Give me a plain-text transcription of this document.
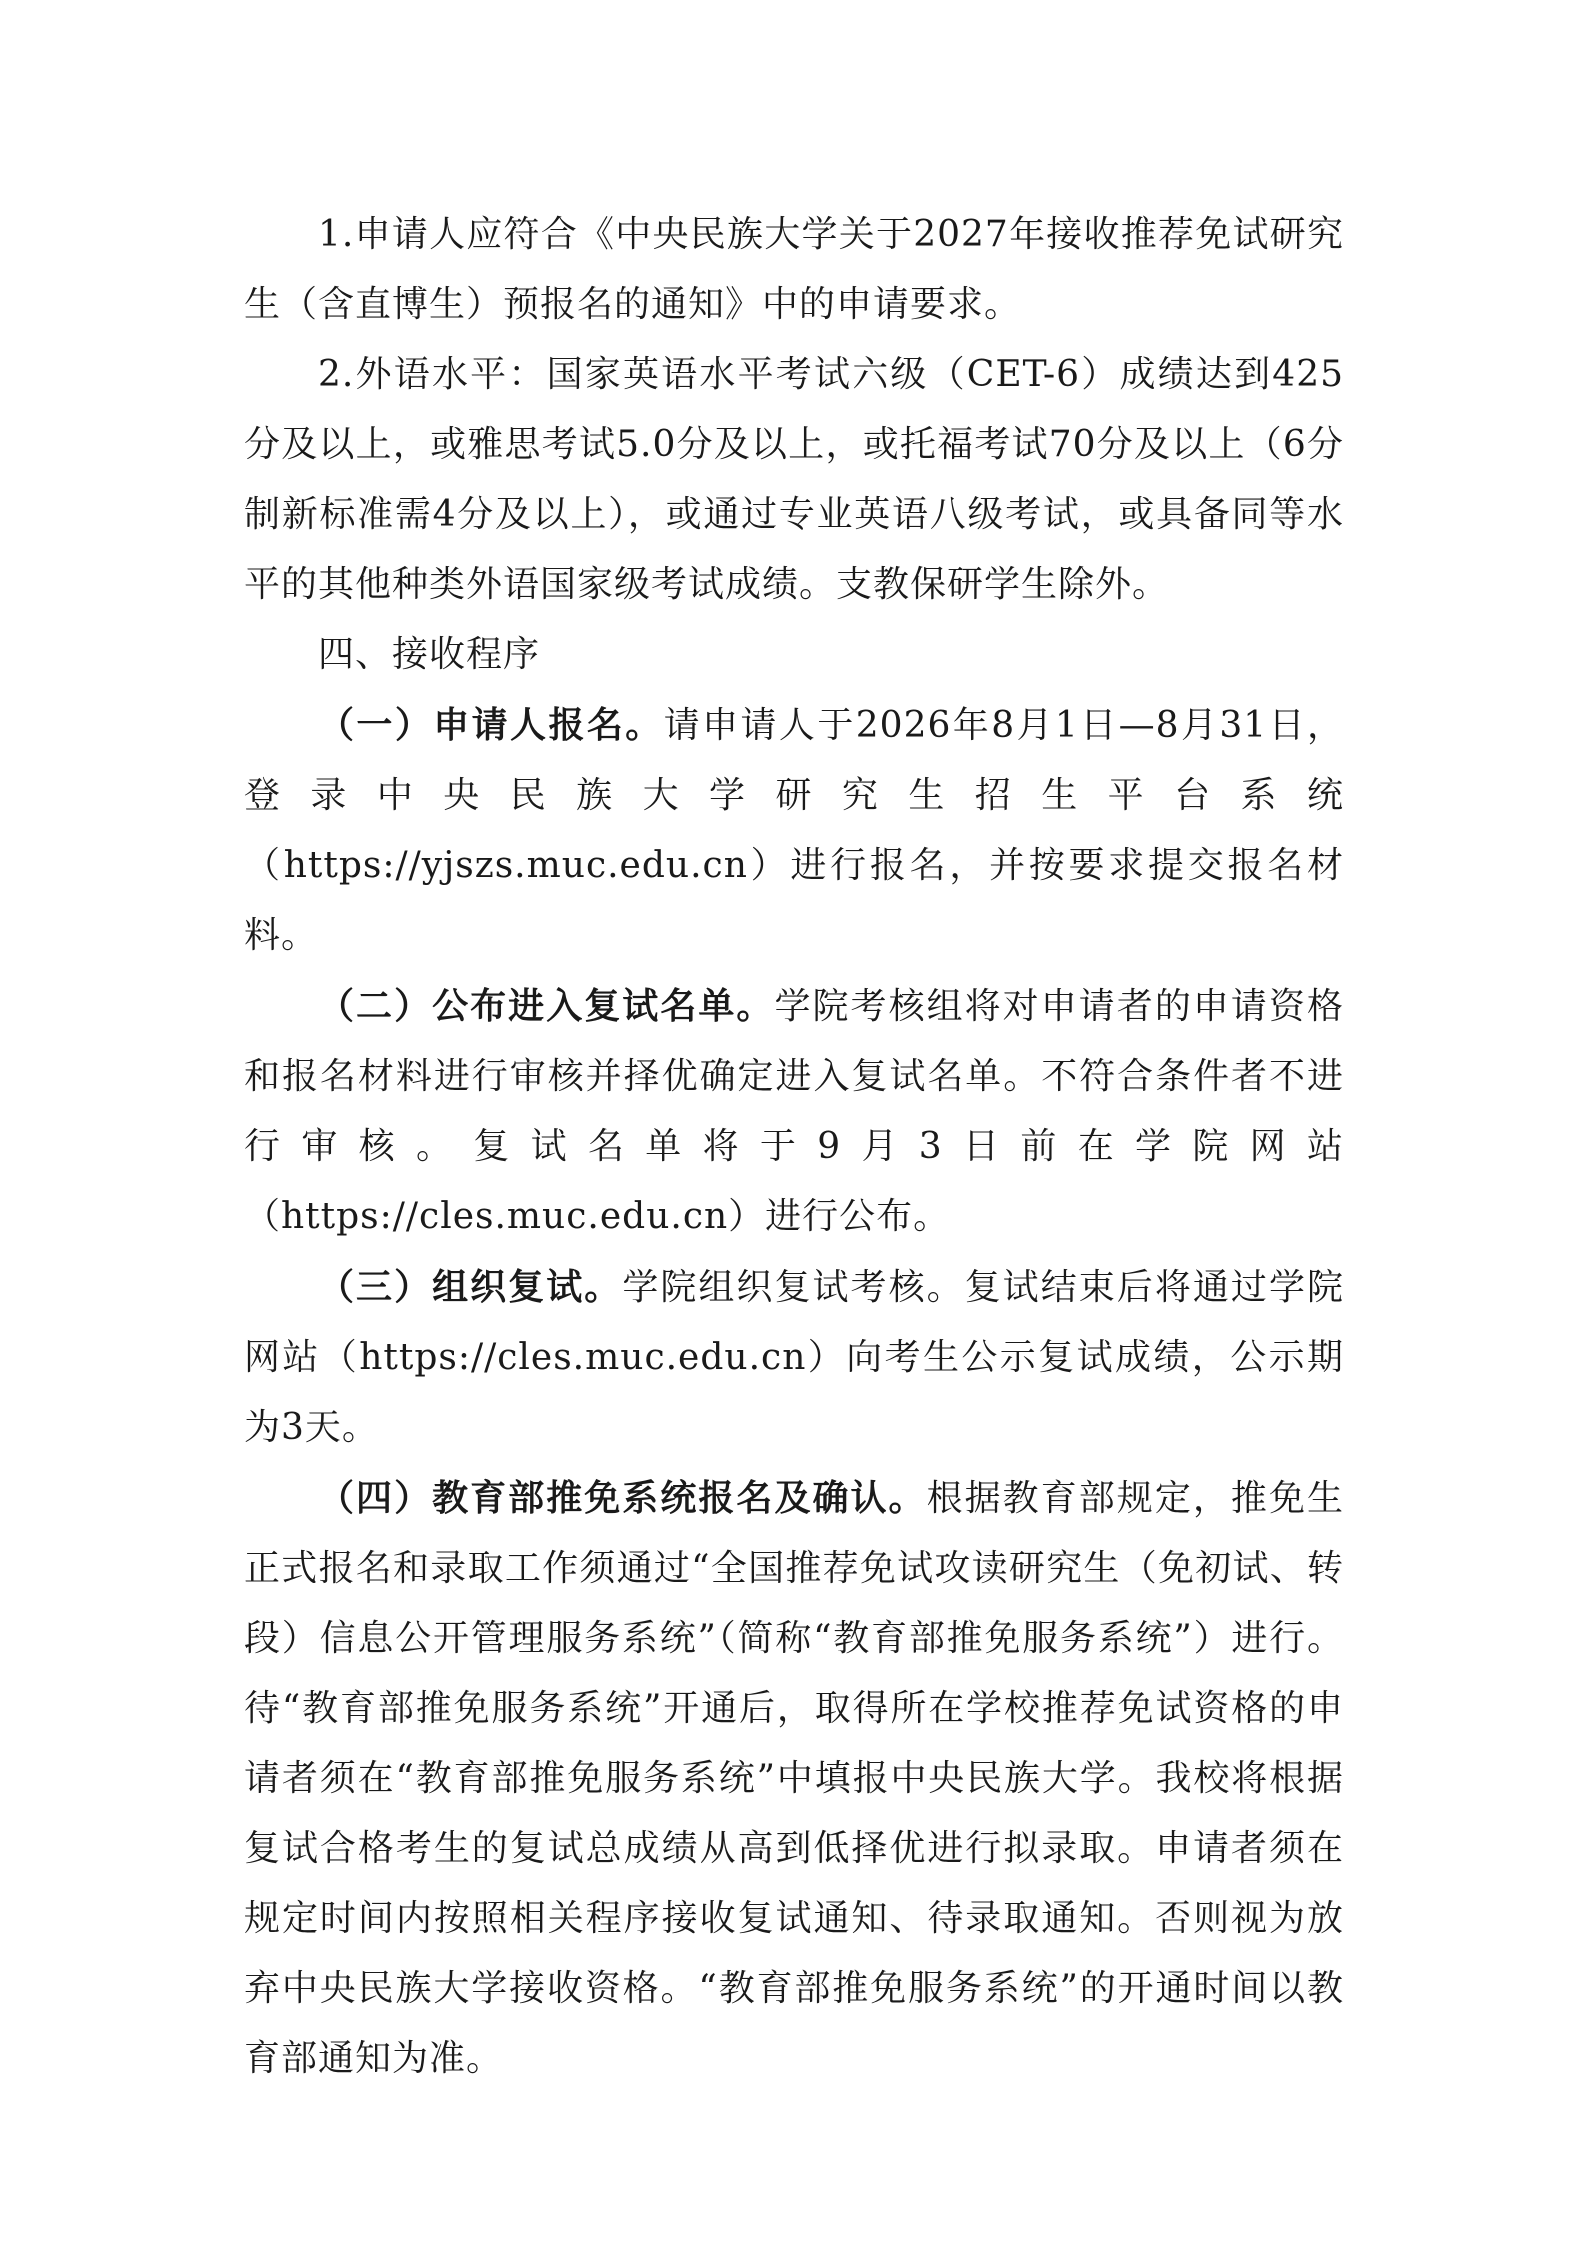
1.申请人应符合《中央民族大学关于2027年接收推荐免试研究生（含直博生）预报名的通知》中的申请要求。

2.外语水平：国家英语水平考试六级（CET-6）成绩达到425分及以上，或雅思考试5.0分及以上，或托福考试70分及以上（6分制新标准需4分及以上），或通过专业英语八级考试，或具备同等水平的其他种类外语国家级考试成绩。支教保研学生除外。

四、接收程序

（一）申请人报名。请申请人于2026年8月1日—8月31日，登录中央民族大学研究生招生平台系统（https://yjszs.muc.edu.cn）进行报名，并按要求提交报名材料。

（二）公布进入复试名单。学院考核组将对申请者的申请资格和报名材料进行审核并择优确定进入复试名单。不符合条件者不进行审核。复试名单将于9月3日前在学院网站（https://cles.muc.edu.cn）进行公布。

（三）组织复试。学院组织复试考核。复试结束后将通过学院网站（https://cles.muc.edu.cn）向考生公示复试成绩，公示期为3天。

（四）教育部推免系统报名及确认。根据教育部规定，推免生正式报名和录取工作须通过“全国推荐免试攻读研究生（免初试、转段）信息公开管理服务系统”（简称“教育部推免服务系统”）进行。待“教育部推免服务系统”开通后，取得所在学校推荐免试资格的申请者须在“教育部推免服务系统”中填报中央民族大学。我校将根据复试合格考生的复试总成绩从高到低择优进行拟录取。申请者须在规定时间内按照相关程序接收复试通知、待录取通知。否则视为放弃中央民族大学接收资格。“教育部推免服务系统”的开通时间以教育部通知为准。
